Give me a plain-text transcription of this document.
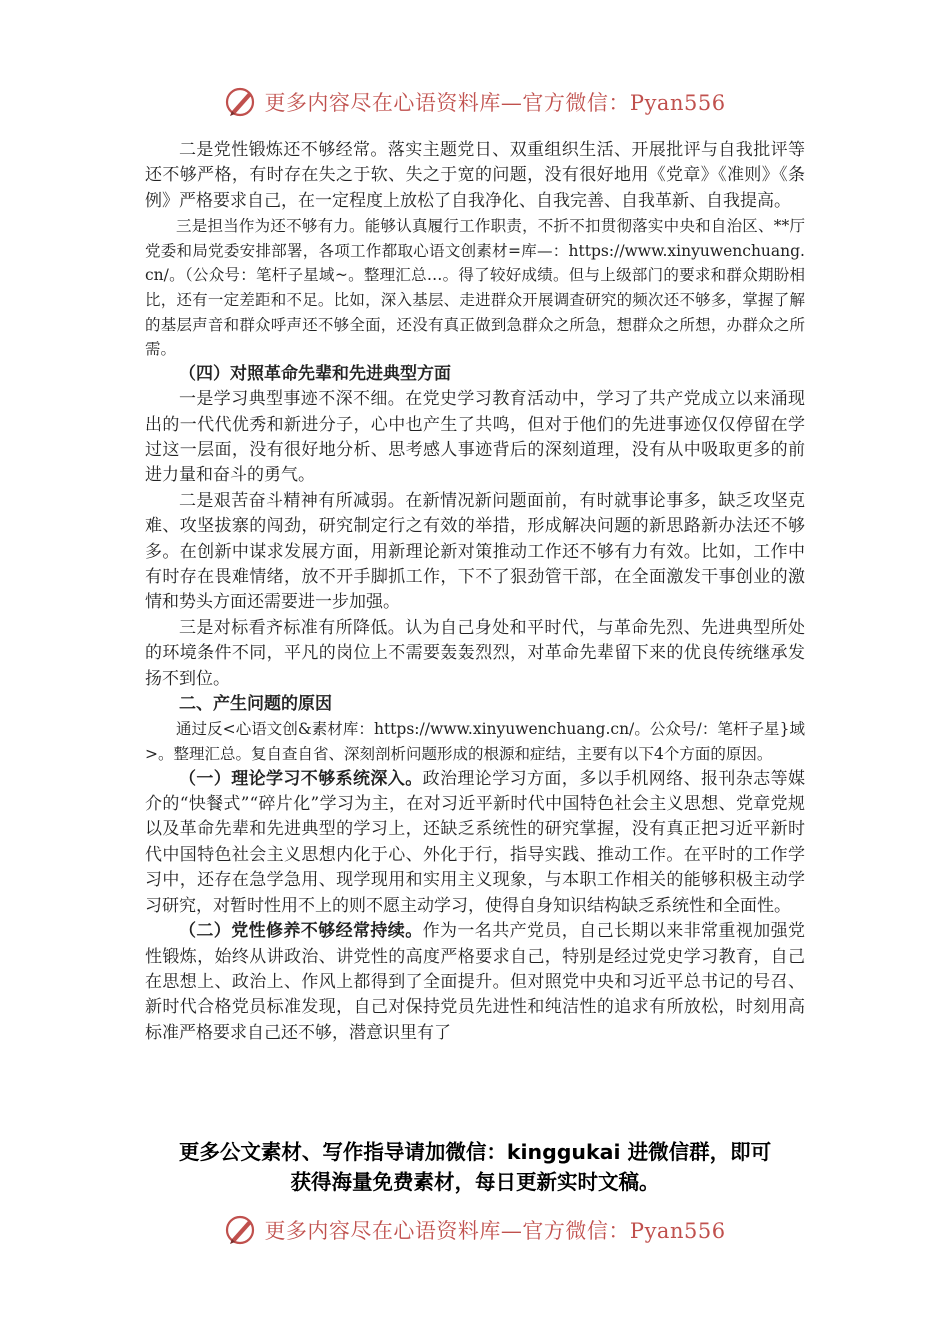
更多内容尽在心语资料库—官方微信：Pyan556

二是党性锻炼还不够经常。落实主题党日、双重组织生活、开展批评与自我批评等还不够严格，有时存在失之于软、失之于宽的问题，没有很好地用《党章》《准则》《条例》严格要求自己，在一定程度上放松了自我净化、自我完善、自我革新、自我提高。

三是担当作为还不够有力。能够认真履行工作职责，不折不扣贯彻落实中央和自治区、**厅党委和局党委安排部署，各项工作都取心语文创素材=库—：https://www.xinyuwenchuang.cn/。（公众号：笔杆子星域~。整理汇总…。得了较好成绩。但与上级部门的要求和群众期盼相比，还有一定差距和不足。比如，深入基层、走进群众开展调查研究的频次还不够多，掌握了解的基层声音和群众呼声还不够全面，还没有真正做到急群众之所急，想群众之所想，办群众之所需。

（四）对照革命先辈和先进典型方面

一是学习典型事迹不深不细。在党史学习教育活动中，学习了共产党成立以来涌现出的一代代优秀和新进分子，心中也产生了共鸣，但对于他们的先进事迹仅仅停留在学过这一层面，没有很好地分析、思考感人事迹背后的深刻道理，没有从中吸取更多的前进力量和奋斗的勇气。

二是艰苦奋斗精神有所减弱。在新情况新问题面前，有时就事论事多，缺乏攻坚克难、攻坚拔寨的闯劲，研究制定行之有效的举措，形成解决问题的新思路新办法还不够多。在创新中谋求发展方面，用新理论新对策推动工作还不够有力有效。比如，工作中有时存在畏难情绪，放不开手脚抓工作，下不了狠劲管干部，在全面激发干事创业的激情和势头方面还需要进一步加强。

三是对标看齐标准有所降低。认为自己身处和平时代，与革命先烈、先进典型所处的环境条件不同，平凡的岗位上不需要轰轰烈烈，对革命先辈留下来的优良传统继承发扬不到位。

二、产生问题的原因

通过反<心语文创&素材库：https://www.xinyuwenchuang.cn/。公众号/：笔杆子星}域>。整理汇总。复自查自省、深刻剖析问题形成的根源和症结，主要有以下4个方面的原因。

（一）理论学习不够系统深入。政治理论学习方面，多以手机网络、报刊杂志等媒介的“快餐式”“碎片化”学习为主，在对习近平新时代中国特色社会主义思想、党章党规以及革命先辈和先进典型的学习上，还缺乏系统性的研究掌握，没有真正把习近平新时代中国特色社会主义思想内化于心、外化于行，指导实践、推动工作。在平时的工作学习中，还存在急学急用、现学现用和实用主义现象，与本职工作相关的能够积极主动学习研究，对暂时性用不上的则不愿主动学习，使得自身知识结构缺乏系统性和全面性。

（二）党性修养不够经常持续。作为一名共产党员，自己长期以来非常重视加强党性锻炼，始终从讲政治、讲党性的高度严格要求自己，特别是经过党史学习教育，自己在思想上、政治上、作风上都得到了全面提升。但对照党中央和习近平总书记的号召、新时代合格党员标准发现，自己对保持党员先进性和纯洁性的追求有所放松，时刻用高标准严格要求自己还不够，潜意识里有了

更多公文素材、写作指导请加微信：kinggukai 进微信群，即可
获得海量免费素材，每日更新实时文稿。
更多内容尽在心语资料库—官方微信：Pyan556
